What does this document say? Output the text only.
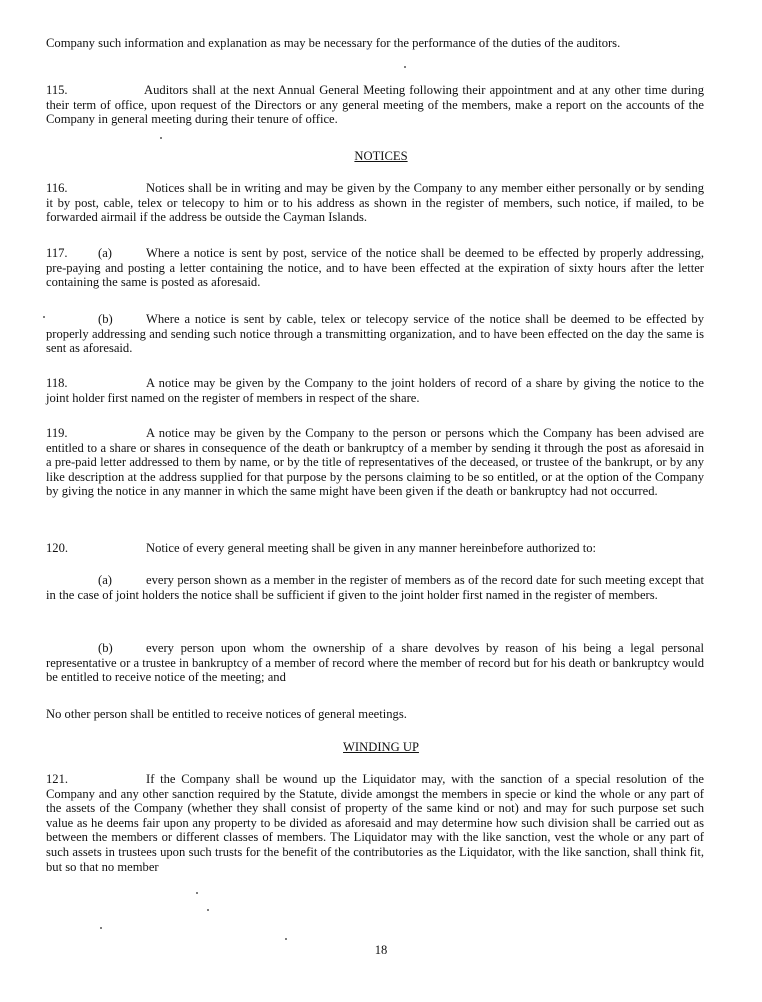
Company such information and explanation as may be necessary for the performance of the duties of the auditors.

115.	Auditors shall at the next Annual General Meeting following their appointment and at any other time during their term of office, upon request of the Directors or any general meeting of the members, make a report on the accounts of the Company in general meeting during their tenure of office.

NOTICES

116.	Notices shall be in writing and may be given by the Company to any member either personally or by sending it by post, cable, telex or telecopy to him or to his address as shown in the register of members, such notice, if mailed, to be forwarded airmail if the address be outside the Cayman Islands.

117. (a)	Where a notice is sent by post, service of the notice shall be deemed to be effected by properly addressing, pre-paying and posting a letter containing the notice, and to have been effected at the expiration of sixty hours after the letter containing the same is posted as aforesaid.

(b)	Where a notice is sent by cable, telex or telecopy service of the notice shall be deemed to be effected by properly addressing and sending such notice through a transmitting organization, and to have been effected on the day the same is sent as aforesaid.

118.	A notice may be given by the Company to the joint holders of record of a share by giving the notice to the joint holder first named on the register of members in respect of the share.

119.	A notice may be given by the Company to the person or persons which the Company has been advised are entitled to a share or shares in consequence of the death or bankruptcy of a member by sending it through the post as aforesaid in a pre-paid letter addressed to them by name, or by the title of representatives of the deceased, or trustee of the bankrupt, or by any like description at the address supplied for that purpose by the persons claiming to be so entitled, or at the option of the Company by giving the notice in any manner in which the same might have been given if the death or bankruptcy had not occurred.

120.	Notice of every general meeting shall be given in any manner hereinbefore authorized to:

(a)	every person shown as a member in the register of members as of the record date for such meeting except that in the case of joint holders the notice shall be sufficient if given to the joint holder first named in the register of members.

(b)	every person upon whom the ownership of a share devolves by reason of his being a legal personal representative or a trustee in bankruptcy of a member of record where the member of record but for his death or bankruptcy would be entitled to receive notice of the meeting; and

No other person shall be entitled to receive notices of general meetings.

WINDING UP

121.	If the Company shall be wound up the Liquidator may, with the sanction of a special resolution of the Company and any other sanction required by the Statute, divide amongst the members in specie or kind the whole or any part of the assets of the Company (whether they shall consist of property of the same kind or not) and may for such purpose set such value as he deems fair upon any property to be divided as aforesaid and may determine how such division shall be carried out as between the members or different classes of members. The Liquidator may with the like sanction, vest the whole or any part of such assets in trustees upon such trusts for the benefit of the contributories as the Liquidator, with the like sanction, shall think fit, but so that no member

18
